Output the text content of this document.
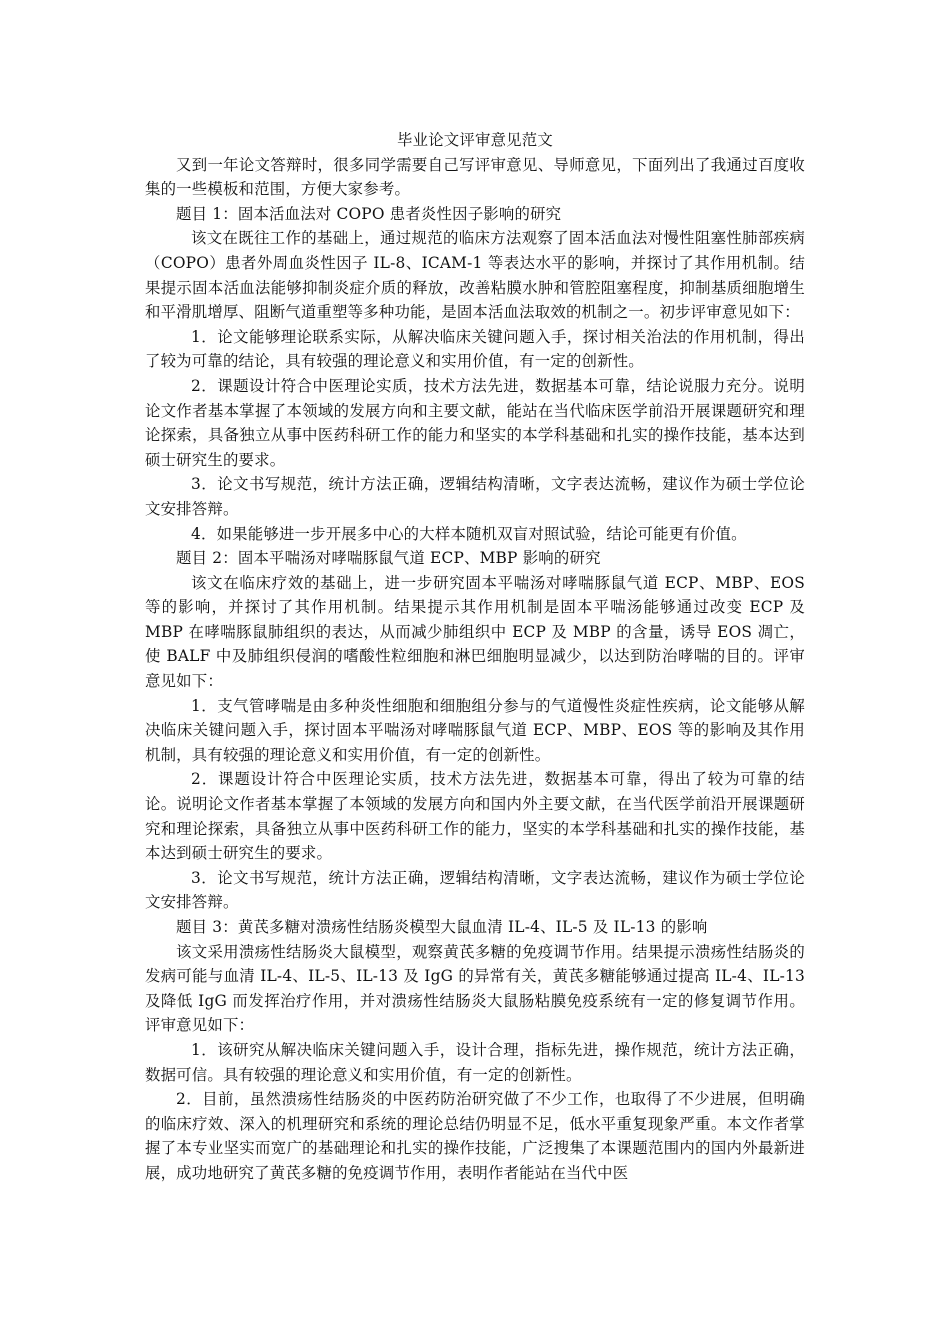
毕业论文评审意见范文

又到一年论文答辩时，很多同学需要自己写评审意见、导师意见，下面列出了我通过百度收集的一些模板和范围，方便大家参考。

题目 1：固本活血法对 COPO 患者炎性因子影响的研究

该文在既往工作的基础上，通过规范的临床方法观察了固本活血法对慢性阻塞性肺部疾病（COPO）患者外周血炎性因子 IL-8、ICAM-1 等表达水平的影响，并探讨了其作用机制。结果提示固本活血法能够抑制炎症介质的释放，改善粘膜水肿和管腔阻塞程度，抑制基质细胞增生和平滑肌增厚、阻断气道重塑等多种功能，是固本活血法取效的机制之一。初步评审意见如下：

1．论文能够理论联系实际，从解决临床关键问题入手，探讨相关治法的作用机制，得出了较为可靠的结论，具有较强的理论意义和实用价值，有一定的创新性。

2．课题设计符合中医理论实质，技术方法先进，数据基本可靠，结论说服力充分。说明论文作者基本掌握了本领域的发展方向和主要文献，能站在当代临床医学前沿开展课题研究和理论探索，具备独立从事中医药科研工作的能力和坚实的本学科基础和扎实的操作技能，基本达到硕士研究生的要求。

3．论文书写规范，统计方法正确，逻辑结构清晰，文字表达流畅，建议作为硕士学位论文安排答辩。

4．如果能够进一步开展多中心的大样本随机双盲对照试验，结论可能更有价值。

题目 2：固本平喘汤对哮喘豚鼠气道 ECP、MBP 影响的研究

该文在临床疗效的基础上，进一步研究固本平喘汤对哮喘豚鼠气道 ECP、MBP、EOS 等的影响，并探讨了其作用机制。结果提示其作用机制是固本平喘汤能够通过改变 ECP 及 MBP 在哮喘豚鼠肺组织的表达，从而减少肺组织中 ECP 及 MBP 的含量，诱导 EOS 凋亡，使 BALF 中及肺组织侵润的嗜酸性粒细胞和淋巴细胞明显减少，以达到防治哮喘的目的。评审意见如下：

1．支气管哮喘是由多种炎性细胞和细胞组分参与的气道慢性炎症性疾病，论文能够从解决临床关键问题入手，探讨固本平喘汤对哮喘豚鼠气道 ECP、MBP、EOS 等的影响及其作用机制，具有较强的理论意义和实用价值，有一定的创新性。

2．课题设计符合中医理论实质，技术方法先进，数据基本可靠，得出了较为可靠的结论。说明论文作者基本掌握了本领域的发展方向和国内外主要文献，在当代医学前沿开展课题研究和理论探索，具备独立从事中医药科研工作的能力，坚实的本学科基础和扎实的操作技能，基本达到硕士研究生的要求。

3．论文书写规范，统计方法正确，逻辑结构清晰，文字表达流畅，建议作为硕士学位论文安排答辩。

题目 3：黄芪多糖对溃疡性结肠炎模型大鼠血清 IL-4、IL-5 及 IL-13 的影响

该文采用溃疡性结肠炎大鼠模型，观察黄芪多糖的免疫调节作用。结果提示溃疡性结肠炎的发病可能与血清 IL-4、IL-5、IL-13 及 IgG 的异常有关，黄芪多糖能够通过提高 IL-4、IL-13 及降低 IgG 而发挥治疗作用，并对溃疡性结肠炎大鼠肠粘膜免疫系统有一定的修复调节作用。评审意见如下：

1．该研究从解决临床关键问题入手，设计合理，指标先进，操作规范，统计方法正确，数据可信。具有较强的理论意义和实用价值，有一定的创新性。

2．目前，虽然溃疡性结肠炎的中医药防治研究做了不少工作，也取得了不少进展，但明确的临床疗效、深入的机理研究和系统的理论总结仍明显不足，低水平重复现象严重。本文作者掌握了本专业坚实而宽广的基础理论和扎实的操作技能，广泛搜集了本课题范围内的国内外最新进展，成功地研究了黄芪多糖的免疫调节作用，表明作者能站在当代中医
